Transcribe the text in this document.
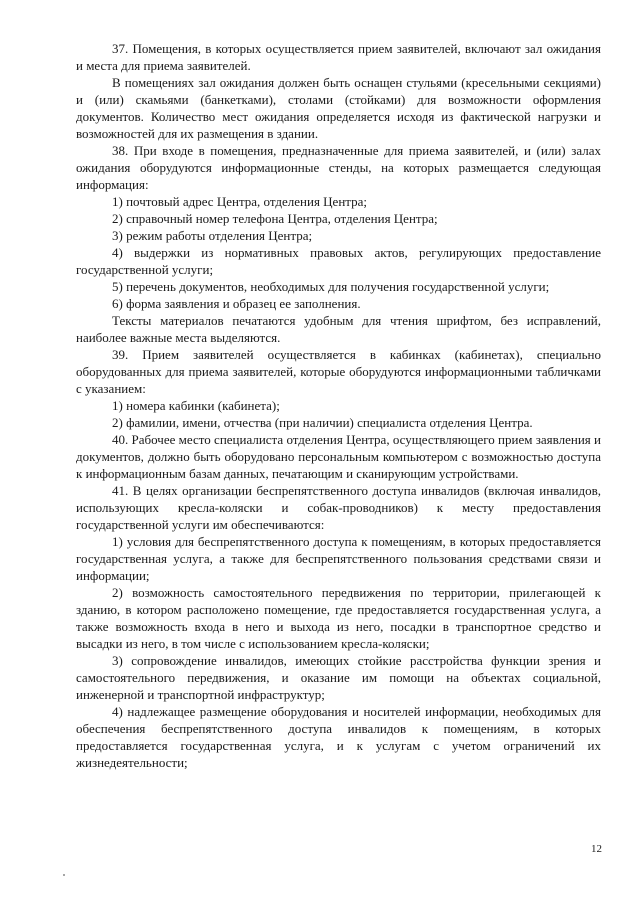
37. Помещения, в которых осуществляется прием заявителей, включают зал ожидания и места для приема заявителей.

В помещениях зал ожидания должен быть оснащен стульями (кресельными секциями) и (или) скамьями (банкетками), столами (стойками) для возможности оформления документов. Количество мест ожидания определяется исходя из фактической нагрузки и возможностей для их размещения в здании.

38. При входе в помещения, предназначенные для приема заявителей, и (или) залах ожидания оборудуются информационные стенды, на которых размещается следующая информация:

1) почтовый адрес Центра, отделения Центра;

2) справочный номер телефона Центра, отделения Центра;

3) режим работы отделения Центра;

4) выдержки из нормативных правовых актов, регулирующих предоставление государственной услуги;

5) перечень документов, необходимых для получения государственной услуги;

6) форма заявления и образец ее заполнения.

Тексты материалов печатаются удобным для чтения шрифтом, без исправлений, наиболее важные места выделяются.

39. Прием заявителей осуществляется в кабинках (кабинетах), специально оборудованных для приема заявителей, которые оборудуются информационными табличками с указанием:

1) номера кабинки (кабинета);

2) фамилии, имени, отчества (при наличии) специалиста отделения Центра.

40. Рабочее место специалиста отделения Центра, осуществляющего прием заявления и документов, должно быть оборудовано персональным компьютером с возможностью доступа к информационным базам данных, печатающим и сканирующим устройствами.

41. В целях организации беспрепятственного доступа инвалидов (включая инвалидов, использующих кресла-коляски и собак-проводников) к месту предоставления государственной услуги им обеспечиваются:

1) условия для беспрепятственного доступа к помещениям, в которых предоставляется государственная услуга, а также для беспрепятственного пользования средствами связи и информации;

2) возможность самостоятельного передвижения по территории, прилегающей к зданию, в котором расположено помещение, где предоставляется государственная услуга, а также возможность входа в него и выхода из него, посадки в транспортное средство и высадки из него, в том числе с использованием кресла-коляски;

3) сопровождение инвалидов, имеющих стойкие расстройства функции зрения и самостоятельного передвижения, и оказание им помощи на объектах социальной, инженерной и транспортной инфраструктур;

4) надлежащее размещение оборудования и носителей информации, необходимых для обеспечения беспрепятственного доступа инвалидов к помещениям, в которых предоставляется государственная услуга, и к услугам с учетом ограничений их жизнедеятельности;

12
